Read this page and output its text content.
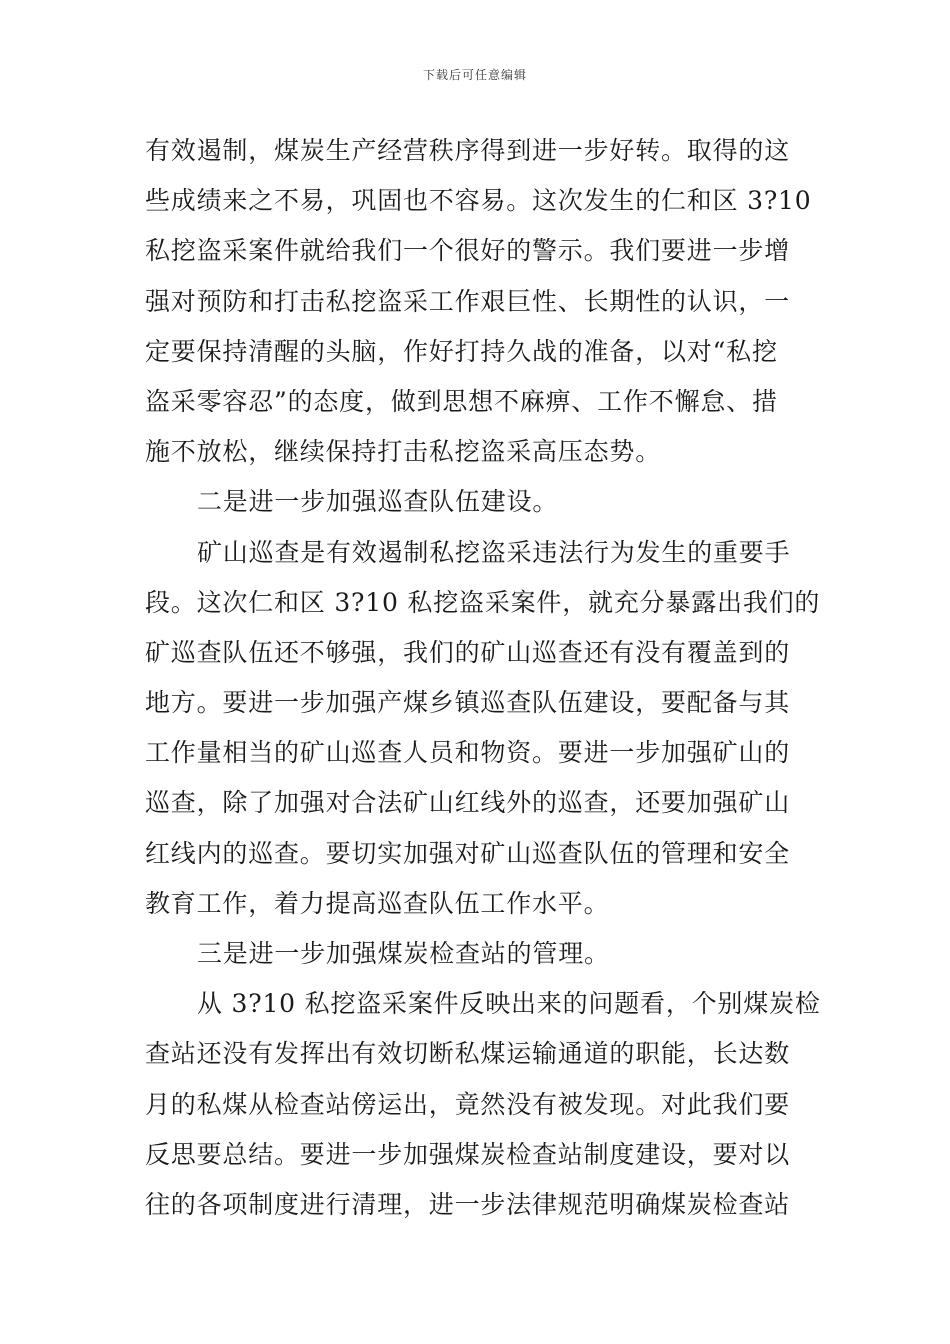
下载后可任意编辑
有效遏制，煤炭生产经营秩序得到进一步好转。取得的这
些成绩来之不易，巩固也不容易。这次发生的仁和区 3?10
私挖盗采案件就给我们一个很好的警示。我们要进一步增
强对预防和打击私挖盗采工作艰巨性、长期性的认识，一
定要保持清醒的头脑，作好打持久战的准备，以对“私挖
盗采零容忍”的态度，做到思想不麻痹、工作不懈怠、措
施不放松，继续保持打击私挖盗采高压态势。
二是进一步加强巡查队伍建设。
矿山巡查是有效遏制私挖盗采违法行为发生的重要手
段。这次仁和区 3?10 私挖盗采案件，就充分暴露出我们的
矿巡查队伍还不够强，我们的矿山巡查还有没有覆盖到的
地方。要进一步加强产煤乡镇巡查队伍建设，要配备与其
工作量相当的矿山巡查人员和物资。要进一步加强矿山的
巡查，除了加强对合法矿山红线外的巡查，还要加强矿山
红线内的巡查。要切实加强对矿山巡查队伍的管理和安全
教育工作，着力提高巡查队伍工作水平。
三是进一步加强煤炭检查站的管理。
从 3?10 私挖盗采案件反映出来的问题看，个别煤炭检
查站还没有发挥出有效切断私煤运输通道的职能，长达数
月的私煤从检查站傍运出，竟然没有被发现。对此我们要
反思要总结。要进一步加强煤炭检查站制度建设，要对以
往的各项制度进行清理，进一步法律规范明确煤炭检查站
